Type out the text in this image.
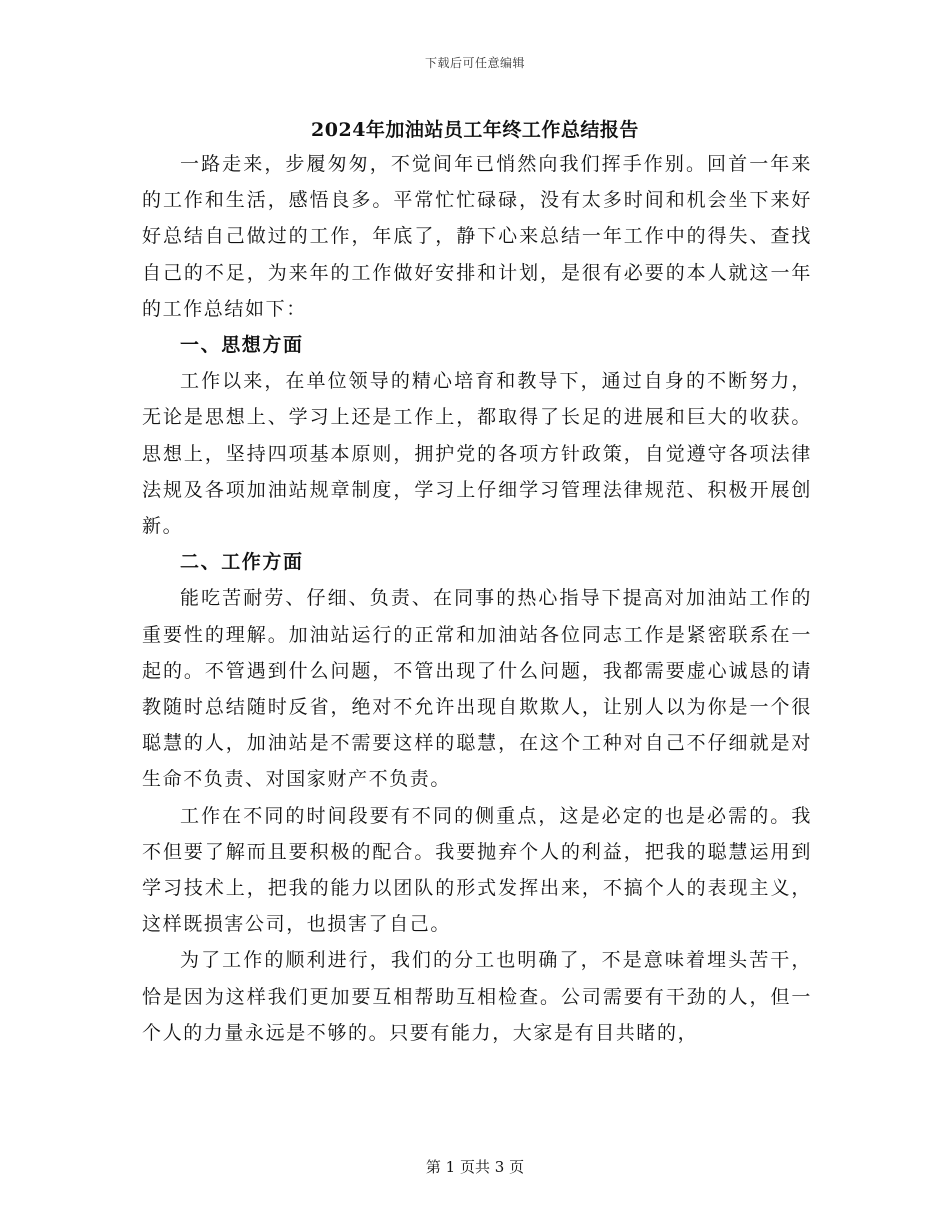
下载后可任意编辑
2024年加油站员工年终工作总结报告

一路走来，步履匆匆，不觉间年已悄然向我们挥手作别。回首一年来的工作和生活，感悟良多。平常忙忙碌碌，没有太多时间和机会坐下来好好总结自己做过的工作，年底了，静下心来总结一年工作中的得失、查找自己的不足，为来年的工作做好安排和计划，是很有必要的本人就这一年的工作总结如下：

一、思想方面

工作以来，在单位领导的精心培育和教导下，通过自身的不断努力，无论是思想上、学习上还是工作上，都取得了长足的进展和巨大的收获。思想上，坚持四项基本原则，拥护党的各项方针政策，自觉遵守各项法律法规及各项加油站规章制度，学习上仔细学习管理法律规范、积极开展创新。

二、工作方面

能吃苦耐劳、仔细、负责、在同事的热心指导下提高对加油站工作的重要性的理解。加油站运行的正常和加油站各位同志工作是紧密联系在一起的。不管遇到什么问题，不管出现了什么问题，我都需要虚心诚恳的请教随时总结随时反省，绝对不允许出现自欺欺人，让别人以为你是一个很聪慧的人，加油站是不需要这样的聪慧，在这个工种对自己不仔细就是对生命不负责、对国家财产不负责。

工作在不同的时间段要有不同的侧重点，这是必定的也是必需的。我不但要了解而且要积极的配合。我要抛弃个人的利益，把我的聪慧运用到学习技术上，把我的能力以团队的形式发挥出来，不搞个人的表现主义，这样既损害公司，也损害了自己。

为了工作的顺利进行，我们的分工也明确了，不是意味着埋头苦干，恰是因为这样我们更加要互相帮助互相检查。公司需要有干劲的人，但一个人的力量永远是不够的。只要有能力，大家是有目共睹的，

第 1 页共 3 页
